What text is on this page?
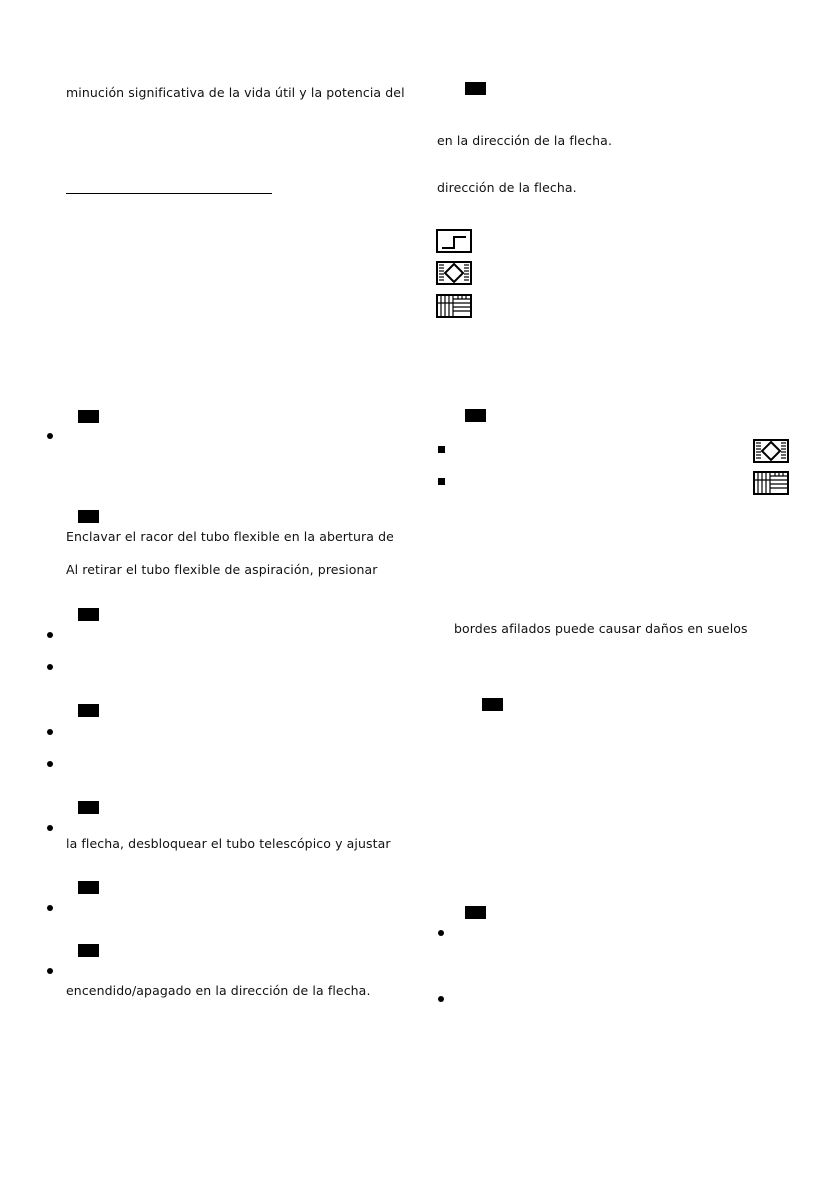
minución significativa de la vida útil y la potencia del
Enclavar el racor del tubo flexible en la abertura de
Al retirar el tubo flexible de aspiración, presionar
la flecha, desbloquear el tubo telescópico y ajustar
encendido/apagado en la dirección de la flecha.
en la dirección de la flecha.
dirección de la flecha.
bordes afilados puede causar daños en suelos
